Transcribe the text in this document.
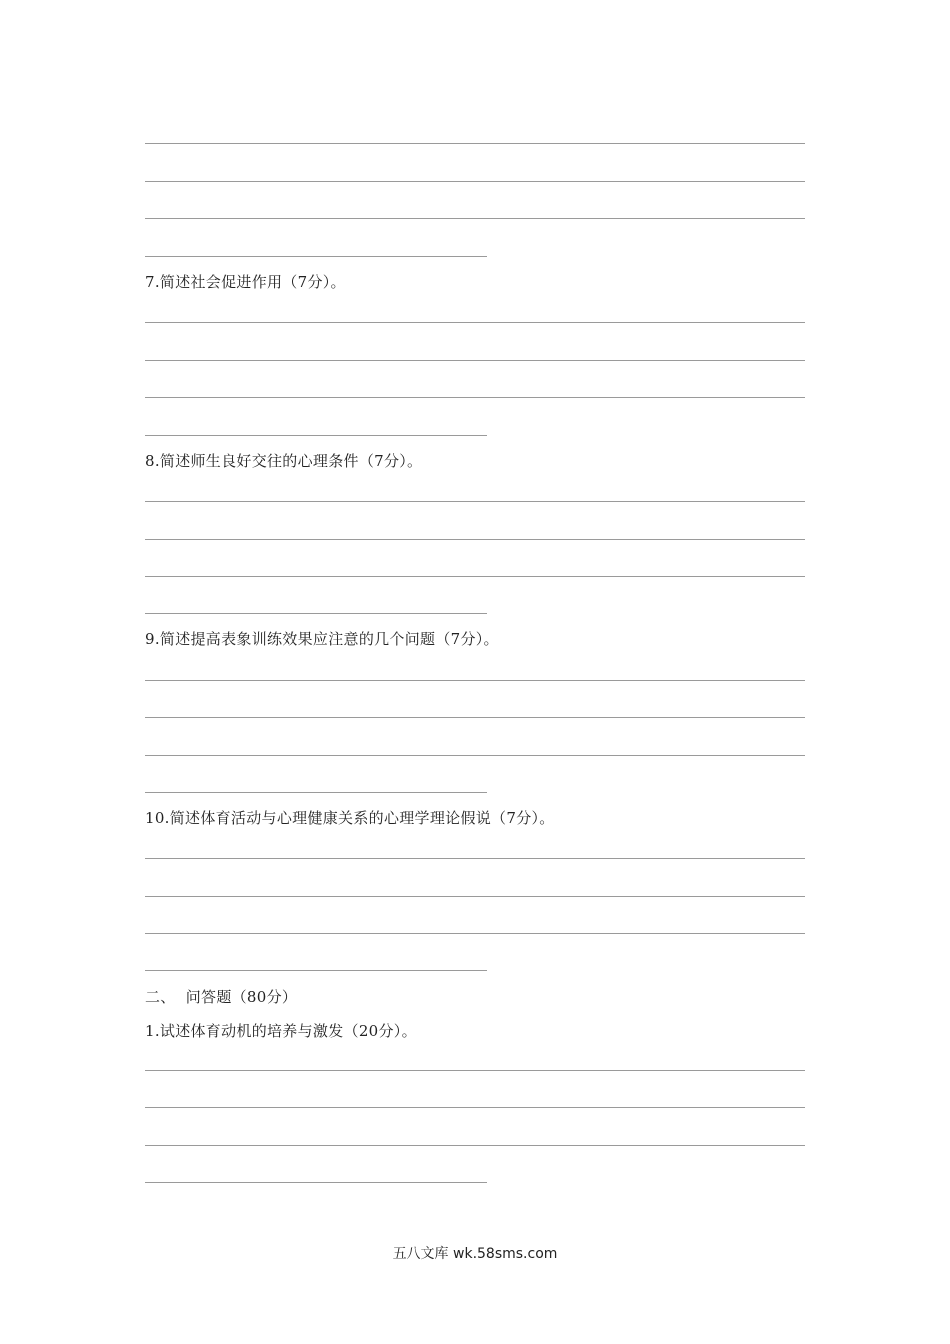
7.简述社会促进作用（7分）。
8.简述师生良好交往的心理条件（7分）。
9.简述提高表象训练效果应注意的几个问题（7分）。
10.简述体育活动与心理健康关系的心理学理论假说（7分）。
二、  问答题（80分）
1.试述体育动机的培养与激发（20分）。
五八文库 wk.58sms.com
